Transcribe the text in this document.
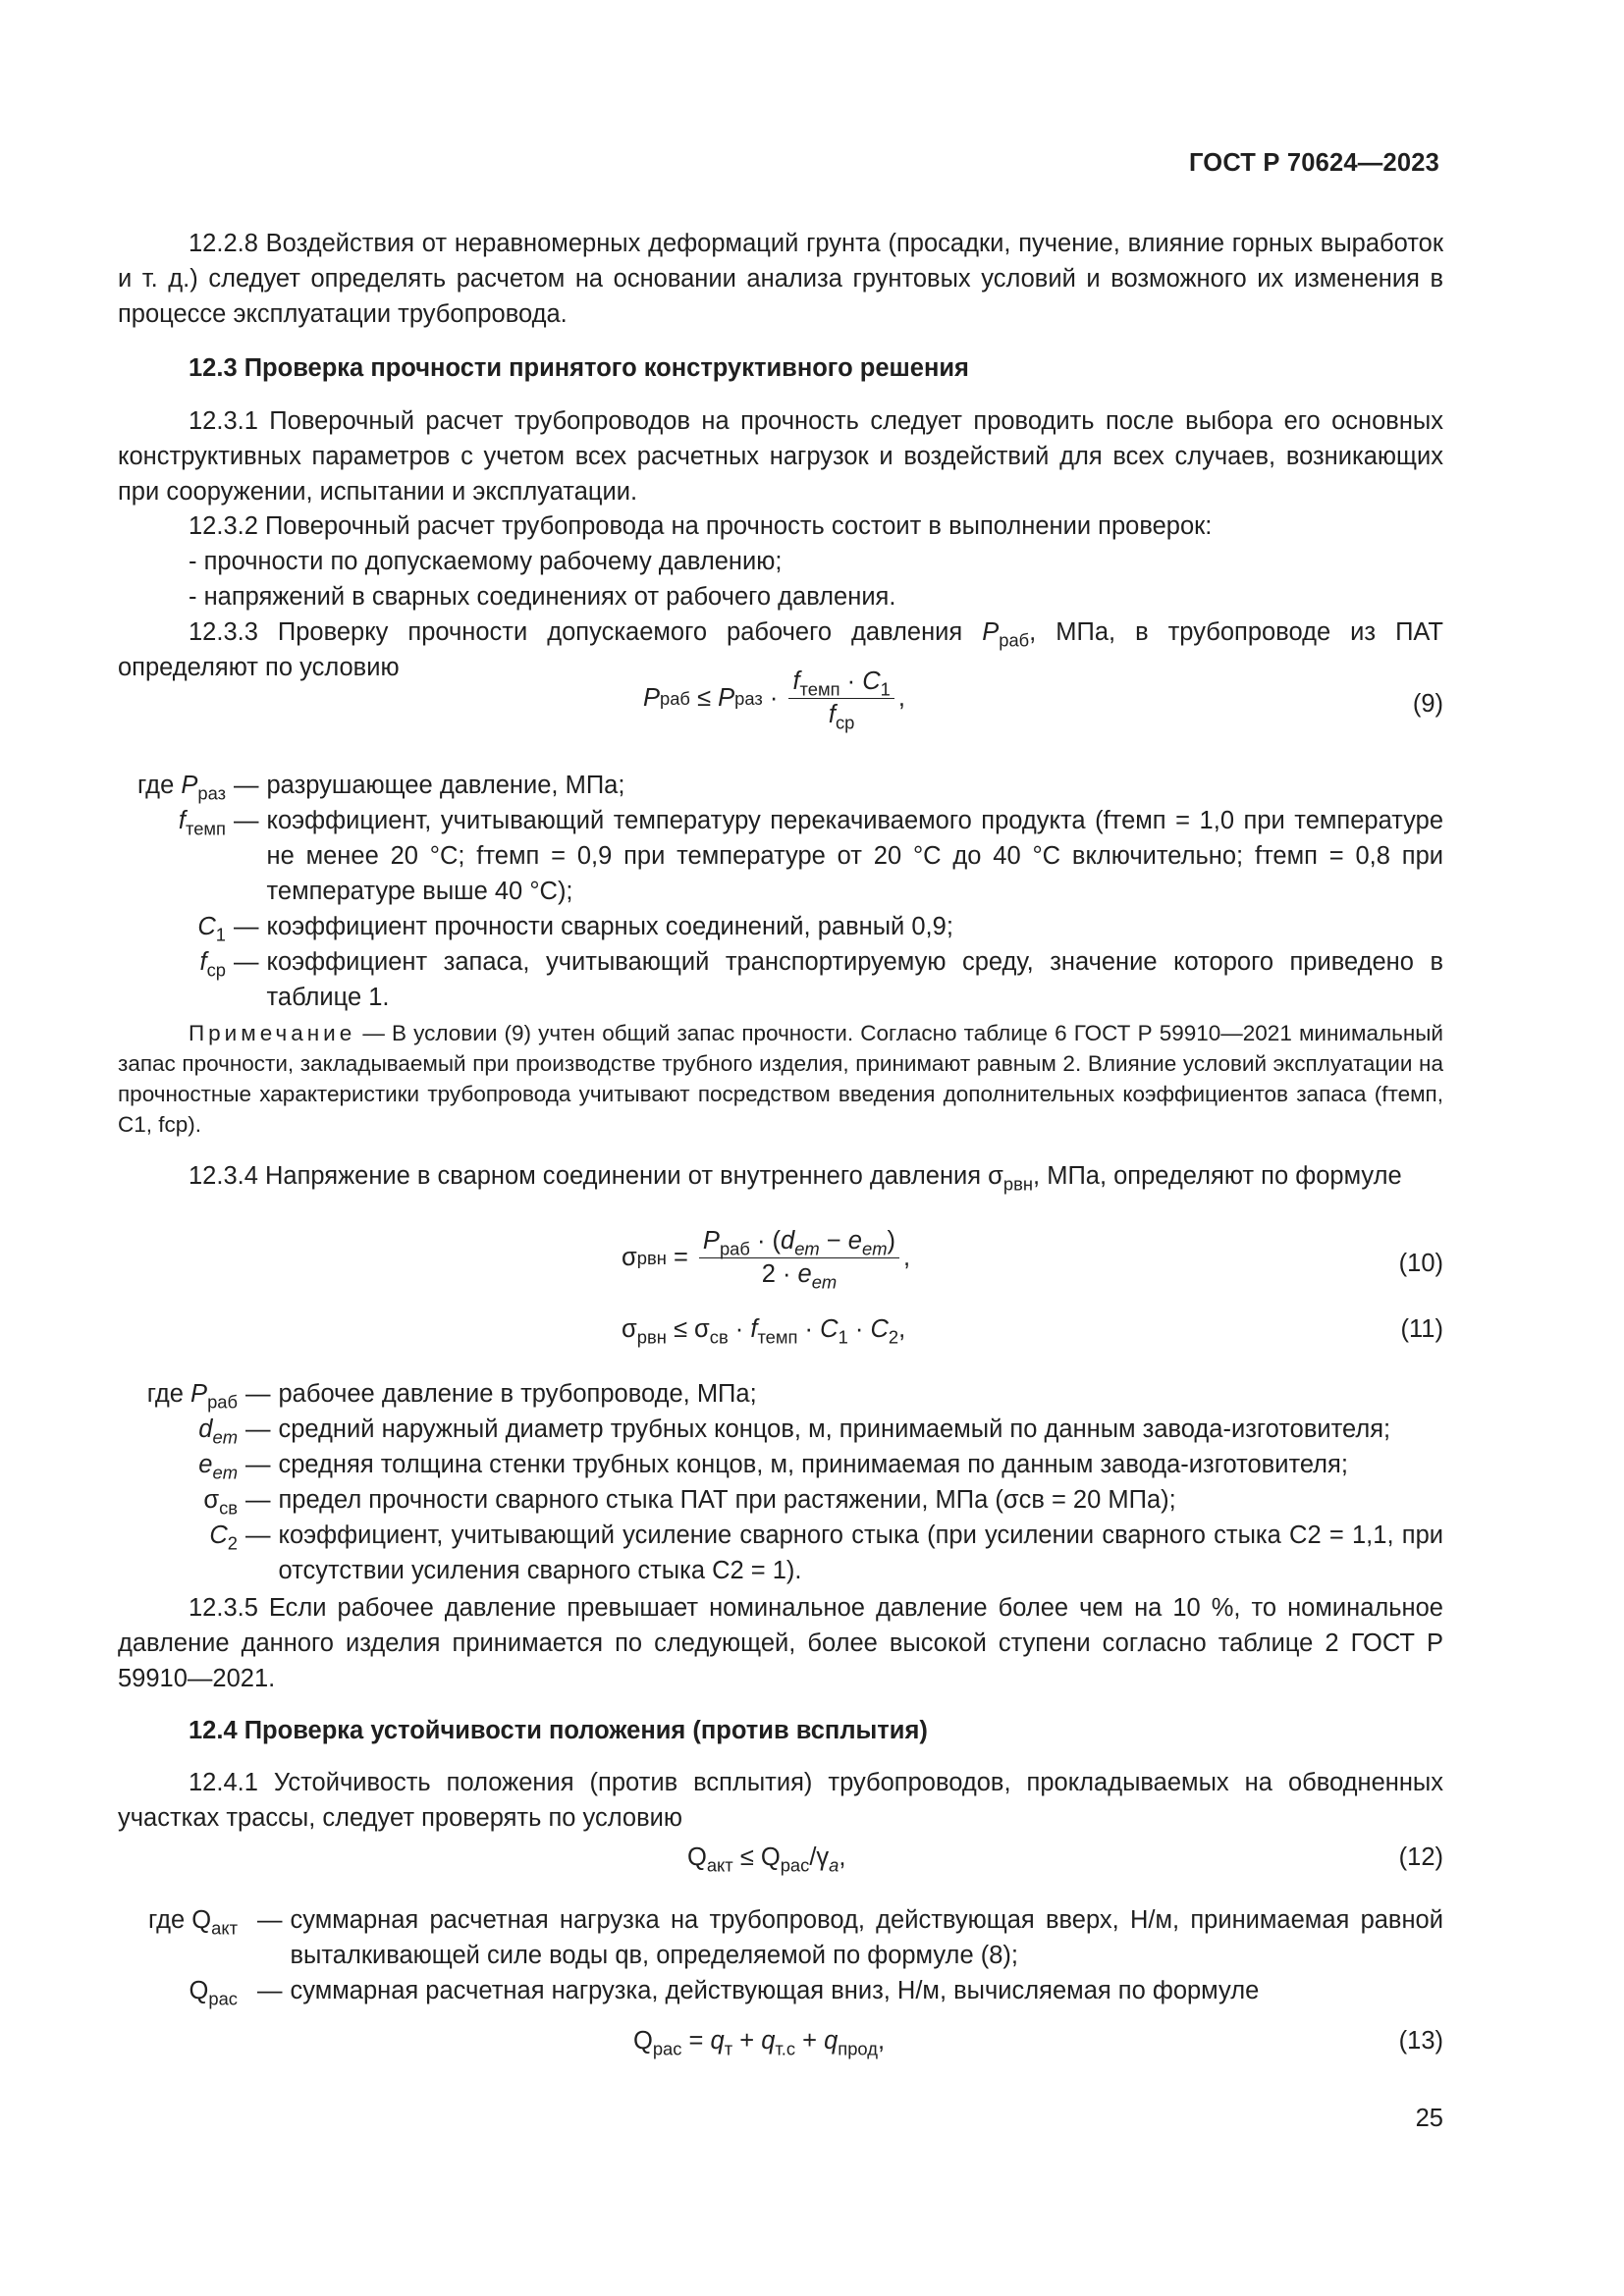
ГОСТ Р 70624—2023
12.2.8 Воздействия от неравномерных деформаций грунта (просадки, пучение, влияние горных выработок и т. д.) следует определять расчетом на основании анализа грунтовых условий и возможного их изменения в процессе эксплуатации трубопровода.
12.3 Проверка прочности принятого конструктивного решения
12.3.1 Поверочный расчет трубопроводов на прочность следует проводить после выбора его основных конструктивных параметров с учетом всех расчетных нагрузок и воздействий для всех случаев, возникающих при сооружении, испытании и эксплуатации.
12.3.2 Поверочный расчет трубопровода на прочность состоит в выполнении проверок:
- прочности по допускаемому рабочему давлению;
- напряжений в сварных соединениях от рабочего давления.
12.3.3 Проверку прочности допускаемого рабочего давления $P_{раб}$, МПа, в трубопроводе из ПАТ определяют по условию
P раб ≤ P раз · $\frac{f_{темп} \cdot C_1}{f_{ср}}$ ,	(9)
где $P_{раз}$ — разрушающее давление, МПа;
$f_{темп}$ — коэффициент, учитывающий температуру перекачиваемого продукта (fтемп = 1,0 при температуре не менее 20 °С; fтемп = 0,9 при температуре от 20 °С до 40 °С включительно; fтемп = 0,8 при температуре выше 40 °С);
$C_1$ — коэффициент прочности сварных соединений, равный 0,9;
$f_{ср}$ — коэффициент запаса, учитывающий транспортируемую среду, значение которого приведено в таблице 1.
Примечание — В условии (9) учтен общий запас прочности. Согласно таблице 6 ГОСТ Р 59910—2021 минимальный запас прочности, закладываемый при производстве трубного изделия, принимают равным 2. Влияние условий эксплуатации на прочностные характеристики трубопровода учитывают посредством введения дополнительных коэффициентов запаса (fтемп, C1, fср).
12.3.4 Напряжение в сварном соединении от внутреннего давления $\sigma_{рвн}$, МПа, определяют по формуле
σ рвн = $\frac{P_{раб} \cdot (d_{em} - e_{em})}{2 \cdot e_{em}}$ ,	(10)
$\sigma_{рвн} \le \sigma_{св} \cdot f_{темп} \cdot C_1 \cdot C_2$,	(11)
где $P_{раб}$ — рабочее давление в трубопроводе, МПа;
$d_{em}$ — средний наружный диаметр трубных концов, м, принимаемый по данным завода-изготовителя;
$e_{em}$ — средняя толщина стенки трубных концов, м, принимаемая по данным завода-изготовителя;
$\sigma_{св}$ — предел прочности сварного стыка ПАТ при растяжении, МПа (σсв = 20 МПа);
$C_2$ — коэффициент, учитывающий усиление сварного стыка (при усилении сварного стыка C2 = 1,1, при отсутствии усиления сварного стыка C2 = 1).
12.3.5 Если рабочее давление превышает номинальное давление более чем на 10 %, то номинальное давление данного изделия принимается по следующей, более высокой ступени согласно таблице 2 ГОСТ Р 59910—2021.
12.4 Проверка устойчивости положения (против всплытия)
12.4.1 Устойчивость положения (против всплытия) трубопроводов, прокладываемых на обводненных участках трассы, следует проверять по условию
$Q_{акт} \le Q_{рас}/\gamma_a$,	(12)
где $Q_{акт}$ — суммарная расчетная нагрузка на трубопровод, действующая вверх, Н/м, принимаемая равной выталкивающей силе воды qв, определяемой по формуле (8);
$Q_{рас}$ — суммарная расчетная нагрузка, действующая вниз, Н/м, вычисляемая по формуле
$Q_{рас} = q_т + q_{т.с} + q_{прод}$,	(13)
25
